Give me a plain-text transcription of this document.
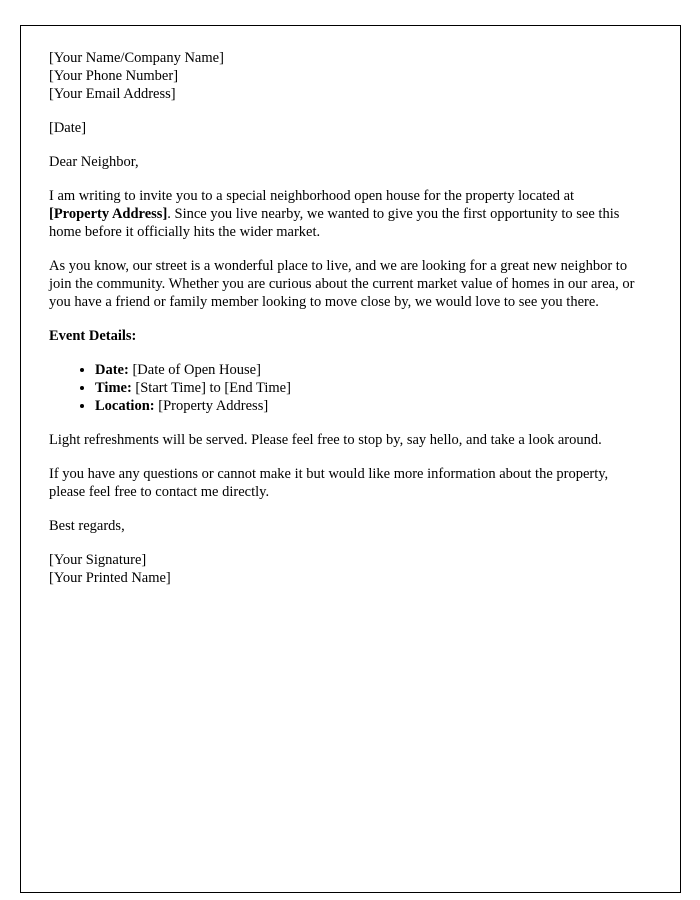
[Your Name/Company Name]
[Your Phone Number]
[Your Email Address]

[Date]

Dear Neighbor,

I am writing to invite you to a special neighborhood open house for the property located at [Property Address]. Since you live nearby, we wanted to give you the first opportunity to see this home before it officially hits the wider market.

As you know, our street is a wonderful place to live, and we are looking for a great new neighbor to join the community. Whether you are curious about the current market value of homes in our area, or you have a friend or family member looking to move close by, we would love to see you there.

Event Details:

• Date: [Date of Open House]
• Time: [Start Time] to [End Time]
• Location: [Property Address]

Light refreshments will be served. Please feel free to stop by, say hello, and take a look around.

If you have any questions or cannot make it but would like more information about the property, please feel free to contact me directly.

Best regards,

[Your Signature]
[Your Printed Name]
